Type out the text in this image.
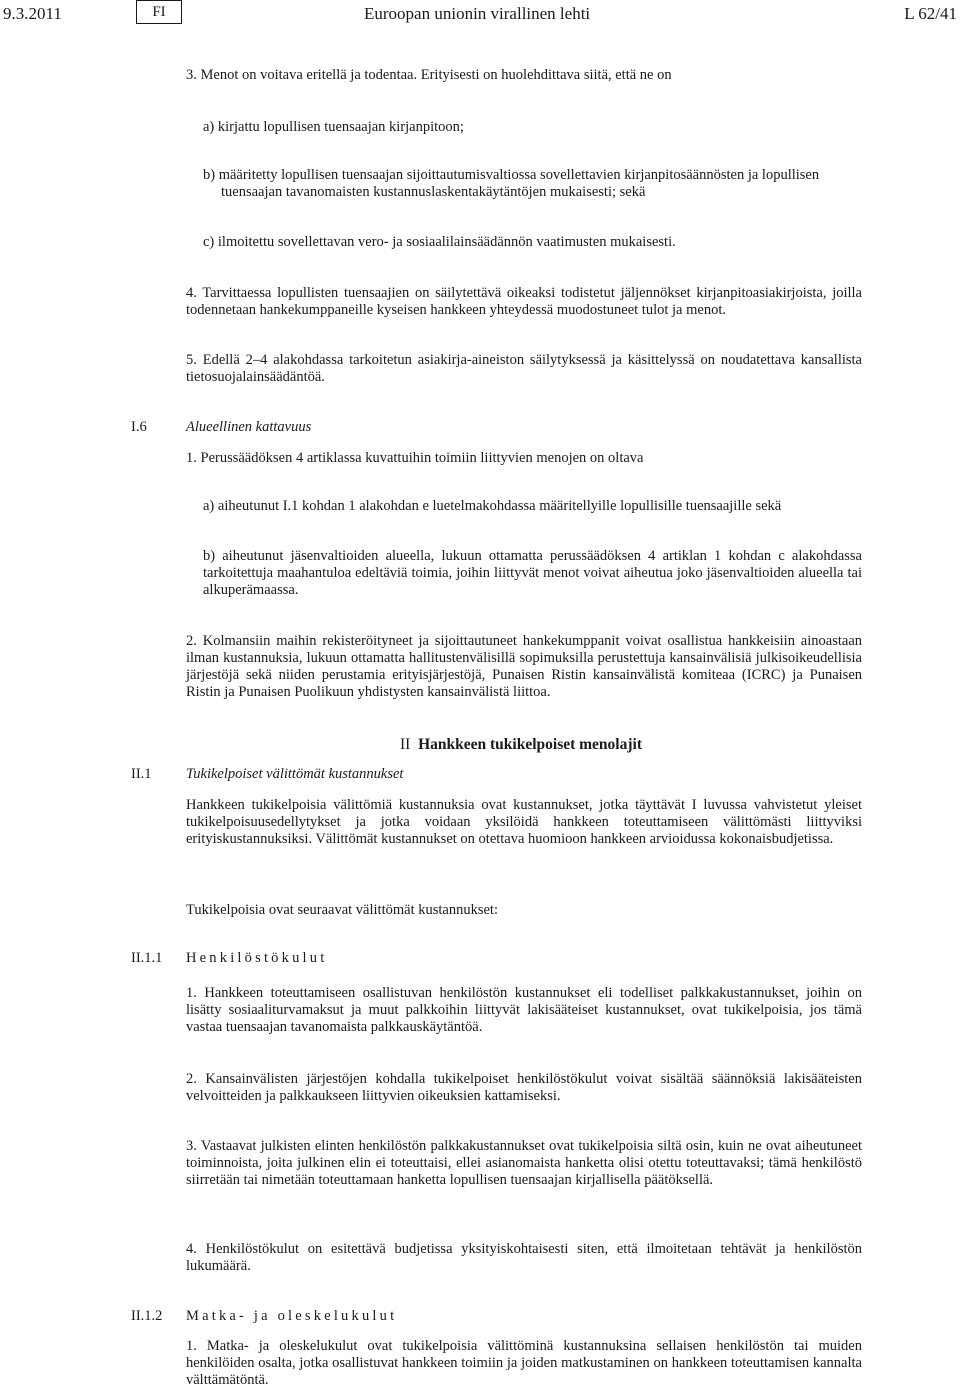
9.3.2011	FI	Euroopan unionin virallinen lehti	L 62/41
3. Menot on voitava eritellä ja todentaa. Erityisesti on huolehdittava siitä, että ne on
a) kirjattu lopullisen tuensaajan kirjanpitoon;
b) määritetty lopullisen tuensaajan sijoittautumisvaltiossa sovellettavien kirjanpitosäännösten ja lopullisen
tuensaajan tavanomaisten kustannuslaskentakäytäntöjen mukaisesti; sekä
c) ilmoitettu sovellettavan vero- ja sosiaalilainsäädännön vaatimusten mukaisesti.
4. Tarvittaessa lopullisten tuensaajien on säilytettävä oikeaksi todistetut jäljennökset kirjanpitoasiakirjoista, joilla todennetaan hankekumppaneille kyseisen hankkeen yhteydessä muodostuneet tulot ja menot.
5. Edellä 2–4 alakohdassa tarkoitetun asiakirja-aineiston säilytyksessä ja käsittelyssä on noudatettava kansallista tietosuojalainsäädäntöä.
I.6	Alueellinen kattavuus
1. Perussäädöksen 4 artiklassa kuvattuihin toimiin liittyvien menojen on oltava
a) aiheutunut I.1 kohdan 1 alakohdan e luetelmakohdassa määritellyille lopullisille tuensaajille sekä
b) aiheutunut jäsenvaltioiden alueella, lukuun ottamatta perussäädöksen 4 artiklan 1 kohdan c alakohdassa tarkoitettuja maahantuloa edeltäviä toimia, joihin liittyvät menot voivat aiheutua joko jäsenvaltioiden alueella tai alkuperämaassa.
2. Kolmansiin maihin rekisteröityneet ja sijoittautuneet hankekumppanit voivat osallistua hankkeisiin ainoastaan ilman kustannuksia, lukuun ottamatta hallitustenvälisillä sopimuksilla perustettuja kansainvälisiä julkisoikeudellisia järjestöjä sekä niiden perustamia erityisjärjestöjä, Punaisen Ristin kansainvälistä komiteaa (ICRC) ja Punaisen Ristin ja Punaisen Puolikuun yhdistysten kansainvälistä liittoa.
II Hankkeen tukikelpoiset menolajit
II.1 Tukikelpoiset välittömät kustannukset
Hankkeen tukikelpoisia välittömiä kustannuksia ovat kustannukset, jotka täyttävät I luvussa vahvistetut yleiset tukikelpoisuusedellytykset ja jotka voidaan yksilöidä hankkeen toteuttamiseen välittömästi liittyviksi erityiskustannuksiksi. Välittömät kustannukset on otettava huomioon hankkeen arvioidussa kokonaisbudjetissa.
Tukikelpoisia ovat seuraavat välittömät kustannukset:
II.1.1 Henkilöstökulut
1. Hankkeen toteuttamiseen osallistuvan henkilöstön kustannukset eli todelliset palkkakustannukset, joihin on lisätty sosiaaliturvamaksut ja muut palkkoihin liittyvät lakisääteiset kustannukset, ovat tukikelpoisia, jos tämä vastaa tuensaajan tavanomaista palkkauskäytäntöä.
2. Kansainvälisten järjestöjen kohdalla tukikelpoiset henkilöstökulut voivat sisältää säännöksiä lakisääteisten velvoitteiden ja palkkaukseen liittyvien oikeuksien kattamiseksi.
3. Vastaavat julkisten elinten henkilöstön palkkakustannukset ovat tukikelpoisia siltä osin, kuin ne ovat aiheutuneet toiminnoista, joita julkinen elin ei toteuttaisi, ellei asianomaista hanketta olisi otettu toteuttavaksi; tämä henkilöstö siirretään tai nimetään toteuttamaan hanketta lopullisen tuensaajan kirjallisella päätöksellä.
4. Henkilöstökulut on esitettävä budjetissa yksityiskohtaisesti siten, että ilmoitetaan tehtävät ja henkilöstön lukumäärä.
II.1.2 Matka- ja oleskelukulut
1. Matka- ja oleskelukulut ovat tukikelpoisia välittöminä kustannuksina sellaisen henkilöstön tai muiden henkilöiden osalta, jotka osallistuvat hankkeen toimiin ja joiden matkustaminen on hankkeen toteuttamisen kannalta välttämätöntä.
